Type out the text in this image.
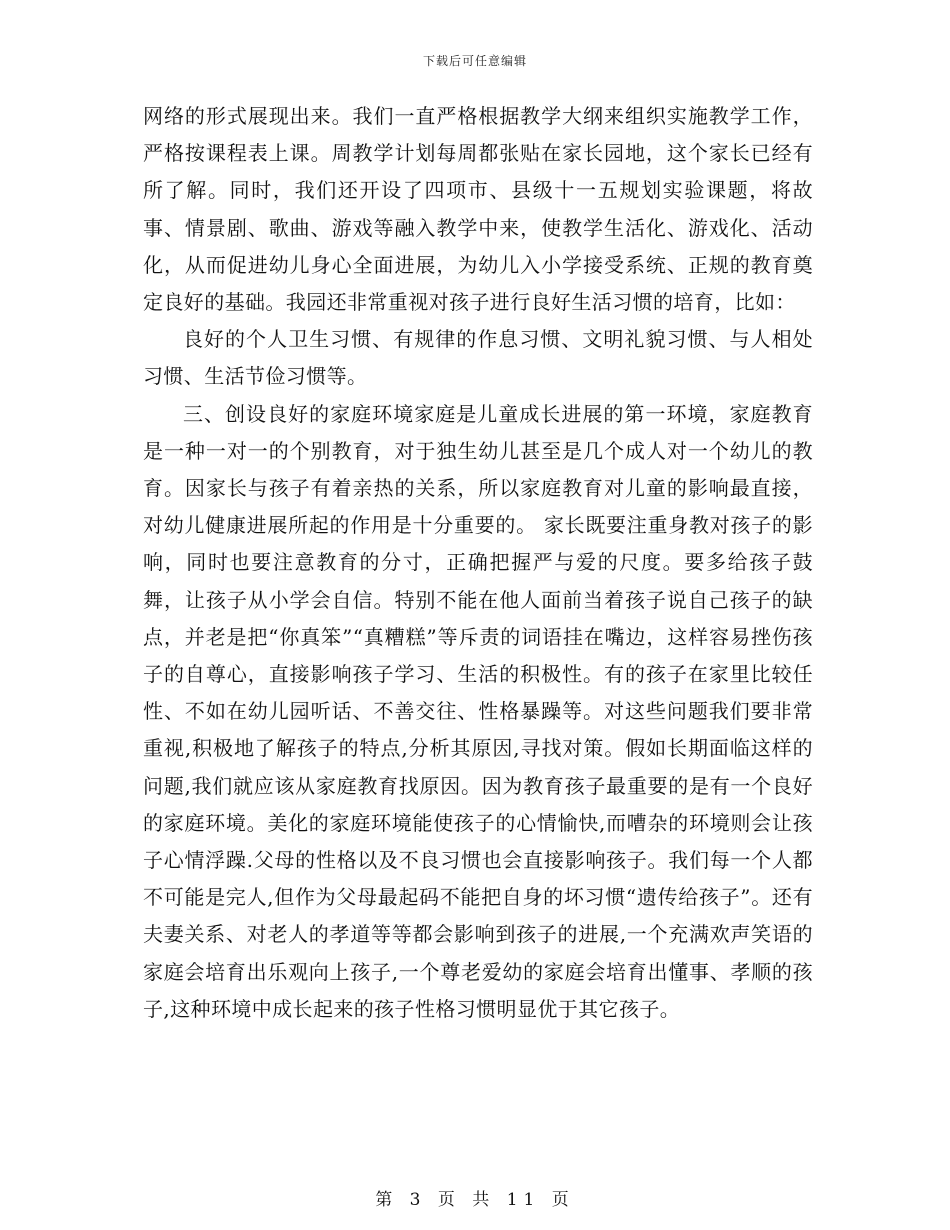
下载后可任意编辑

网络的形式展现出来。我们一直严格根据教学大纲来组织实施教学工作，严格按课程表上课。周教学计划每周都张贴在家长园地，这个家长已经有所了解。同时，我们还开设了四项市、县级十一五规划实验课题，将故事、情景剧、歌曲、游戏等融入教学中来，使教学生活化、游戏化、活动化，从而促进幼儿身心全面进展，为幼儿入小学接受系统、正规的教育奠定良好的基础。我园还非常重视对孩子进行良好生活习惯的培育，比如：

良好的个人卫生习惯、有规律的作息习惯、文明礼貌习惯、与人相处习惯、生活节俭习惯等。

三、创设良好的家庭环境家庭是儿童成长进展的第一环境，家庭教育是一种一对一的个别教育，对于独生幼儿甚至是几个成人对一个幼儿的教育。因家长与孩子有着亲热的关系，所以家庭教育对儿童的影响最直接，对幼儿健康进展所起的作用是十分重要的。 家长既要注重身教对孩子的影响，同时也要注意教育的分寸，正确把握严与爱的尺度。要多给孩子鼓舞，让孩子从小学会自信。特别不能在他人面前当着孩子说自己孩子的缺点，并老是把“你真笨”“真糟糕”等斥责的词语挂在嘴边，这样容易挫伤孩子的自尊心，直接影响孩子学习、生活的积极性。有的孩子在家里比较任性、不如在幼儿园听话、不善交往、性格暴躁等。对这些问题我们要非常重视,积极地了解孩子的特点,分析其原因,寻找对策。假如长期面临这样的问题,我们就应该从家庭教育找原因。因为教育孩子最重要的是有一个良好的家庭环境。美化的家庭环境能使孩子的心情愉快,而嘈杂的环境则会让孩子心情浮躁.父母的性格以及不良习惯也会直接影响孩子。我们每一个人都不可能是完人,但作为父母最起码不能把自身的坏习惯“遗传给孩子”。还有夫妻关系、对老人的孝道等等都会影响到孩子的进展,一个充满欢声笑语的家庭会培育出乐观向上孩子,一个尊老爱幼的家庭会培育出懂事、孝顺的孩子,这种环境中成长起来的孩子性格习惯明显优于其它孩子。

第 3 页 共 11 页
